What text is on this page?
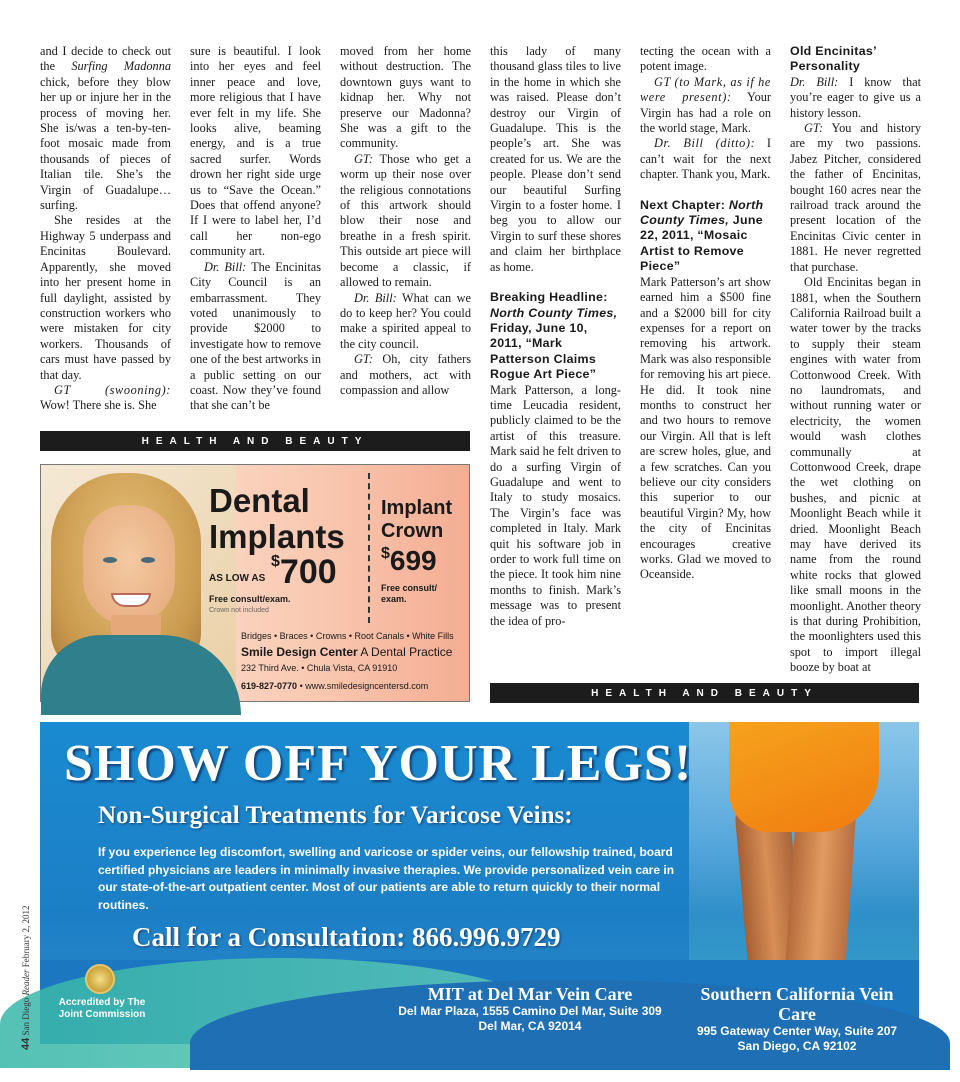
and I decide to check out the Surfing Madonna chick, before they blow her up or injure her in the process of moving her. She is/was a ten-by-ten-foot mosaic made from thousands of pieces of Italian tile. She’s the Virgin of Guadalupe… surfing.

She resides at the Highway 5 underpass and Encinitas Boulevard. Apparently, she moved into her present home in full daylight, assisted by construction workers who were mistaken for city workers. Thousands of cars must have passed by that day.

GT (swooning): Wow! There she is. She

sure is beautiful. I look into her eyes and feel inner peace and love, more religious that I have ever felt in my life. She looks alive, beaming energy, and is a true sacred surfer. Words drown her right side urge us to “Save the Ocean.” Does that offend anyone? If I were to label her, I’d call her non-ego community art.

Dr. Bill: The Encinitas City Council is an embarrassment. They voted unanimously to provide $2000 to investigate how to remove one of the best artworks in a public setting on our coast. Now they’ve found that she can’t be

moved from her home without destruction. The downtown guys want to kidnap her. Why not preserve our Madonna? She was a gift to the community.

GT: Those who get a worm up their nose over the religious connotations of this artwork should blow their nose and breathe in a fresh spirit. This outside art piece will become a classic, if allowed to remain.

Dr. Bill: What can we do to keep her? You could make a spirited appeal to the city council.

GT: Oh, city fathers and mothers, act with compassion and allow

this lady of many thousand glass tiles to live in the home in which she was raised. Please don’t destroy our Virgin of Guadalupe. This is the people’s art. She was created for us. We are the people. Please don’t send our beautiful Surfing Virgin to a foster home. I beg you to allow our Virgin to surf these shores and claim her birthplace as home.

Breaking Headline: North County Times, Friday, June 10, 2011, “Mark Patterson Claims Rogue Art Piece”

Mark Patterson, a long-time Leucadia resident, publicly claimed to be the artist of this treasure. Mark said he felt driven to do a surfing Virgin of Guadalupe and went to Italy to study mosaics. The Virgin’s face was completed in Italy. Mark quit his software job in order to work full time on the piece. It took him nine months to finish. Mark’s message was to present the idea of pro-

tecting the ocean with a potent image.

GT (to Mark, as if he were present): Your Virgin has had a role on the world stage, Mark.

Dr. Bill (ditto): I can’t wait for the next chapter. Thank you, Mark.

Next Chapter: North County Times, June 22, 2011, “Mosaic Artist to Remove Piece”

Mark Patterson’s art show earned him a $500 fine and a $2000 bill for city expenses for a report on removing his artwork. Mark was also responsible for removing his art piece. He did. It took nine months to construct her and two hours to remove our Virgin. All that is left are screw holes, glue, and a few scratches. Can you believe our city considers this superior to our beautiful Virgin? My, how the city of Encinitas encourages creative works. Glad we moved to Oceanside.

Old Encinitas’ Personality

Dr. Bill: I know that you’re eager to give us a history lesson.

GT: You and history are my two passions. Jabez Pitcher, considered the father of Encinitas, bought 160 acres near the railroad track around the present location of the Encinitas Civic center in 1881. He never regretted that purchase.

Old Encinitas began in 1881, when the Southern California Railroad built a water tower by the tracks to supply their steam engines with water from Cottonwood Creek. With no laundromats, and without running water or electricity, the women would wash clothes communally at Cottonwood Creek, drape the wet clothing on bushes, and picnic at Moonlight Beach while it dried. Moonlight Beach may have derived its name from the round white rocks that glowed like small moons in the moonlight. Another theory is that during Prohibition, the moonlighters used this spot to import illegal booze by boat at

HEALTH AND BEAUTY
HEALTH AND BEAUTY
Dental Implants
AS LOW AS
$700
Free consult/exam.
Crown not included
Implant Crown
$699
Free consult/ exam.
Bridges • Braces • Crowns • Root Canals • White Fills
Smile Design Center A Dental Practice
232 Third Ave. • Chula Vista, CA 91910
619-827-0770 • www.smiledesigncentersd.com
SHOW OFF YOUR LEGS!
Non-Surgical Treatments for Varicose Veins:
If you experience leg discomfort, swelling and varicose or spider veins, our fellowship trained, board certified physicians are leaders in minimally invasive therapies. We provide personalized vein care in our state-of-the-art outpatient center. Most of our patients are able to return quickly to their normal routines.
Call for a Consultation: 866.996.9729
Accredited by The Joint Commission
MIT at Del Mar Vein Care
Del Mar Plaza, 1555 Camino Del Mar, Suite 309
Del Mar, CA 92014
Southern California Vein Care
995 Gateway Center Way, Suite 207
San Diego, CA 92102
44 San Diego Reader February 2, 2012
